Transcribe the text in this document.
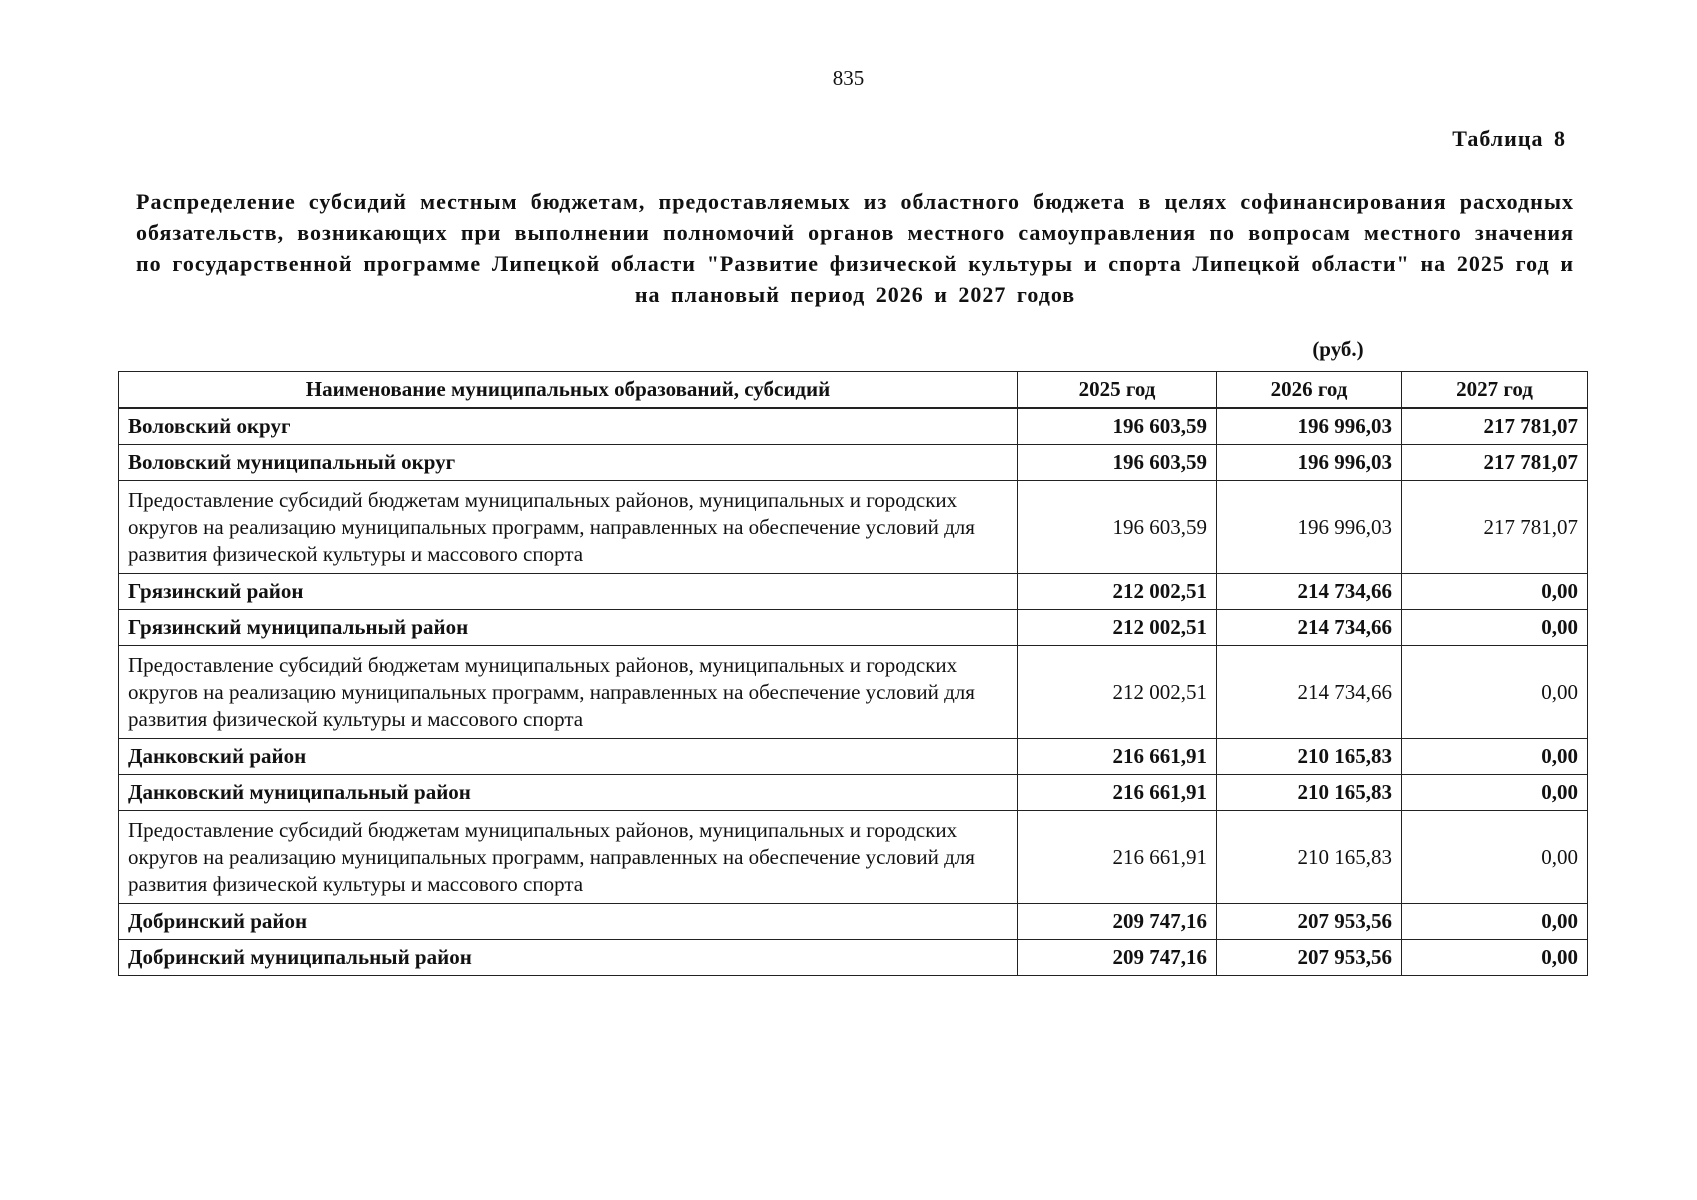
835
Таблица 8

Распределение субсидий местным бюджетам, предоставляемых из областного бюджета в целях софинансирования расходных обязательств, возникающих при выполнении полномочий органов местного самоуправления по вопросам местного значения по государственной программе Липецкой области "Развитие физической культуры и спорта Липецкой области" на 2025 год и на плановый период 2026 и 2027 годов

(руб.)
Наименование муниципальных образований, субсидий	2025 год	2026 год	2027 год
Воловский округ	196 603,59	196 996,03	217 781,07
Воловский муниципальный округ	196 603,59	196 996,03	217 781,07
Предоставление субсидий бюджетам муниципальных районов, муниципальных и городских округов на реализацию муниципальных программ, направленных на обеспечение условий для развития физической культуры и массового спорта	196 603,59	196 996,03	217 781,07
Грязинский район	212 002,51	214 734,66	0,00
Грязинский муниципальный район	212 002,51	214 734,66	0,00
Предоставление субсидий бюджетам муниципальных районов, муниципальных и городских округов на реализацию муниципальных программ, направленных на обеспечение условий для развития физической культуры и массового спорта	212 002,51	214 734,66	0,00
Данковский район	216 661,91	210 165,83	0,00
Данковский муниципальный район	216 661,91	210 165,83	0,00
Предоставление субсидий бюджетам муниципальных районов, муниципальных и городских округов на реализацию муниципальных программ, направленных на обеспечение условий для развития физической культуры и массового спорта	216 661,91	210 165,83	0,00
Добринский район	209 747,16	207 953,56	0,00
Добринский муниципальный район	209 747,16	207 953,56	0,00
